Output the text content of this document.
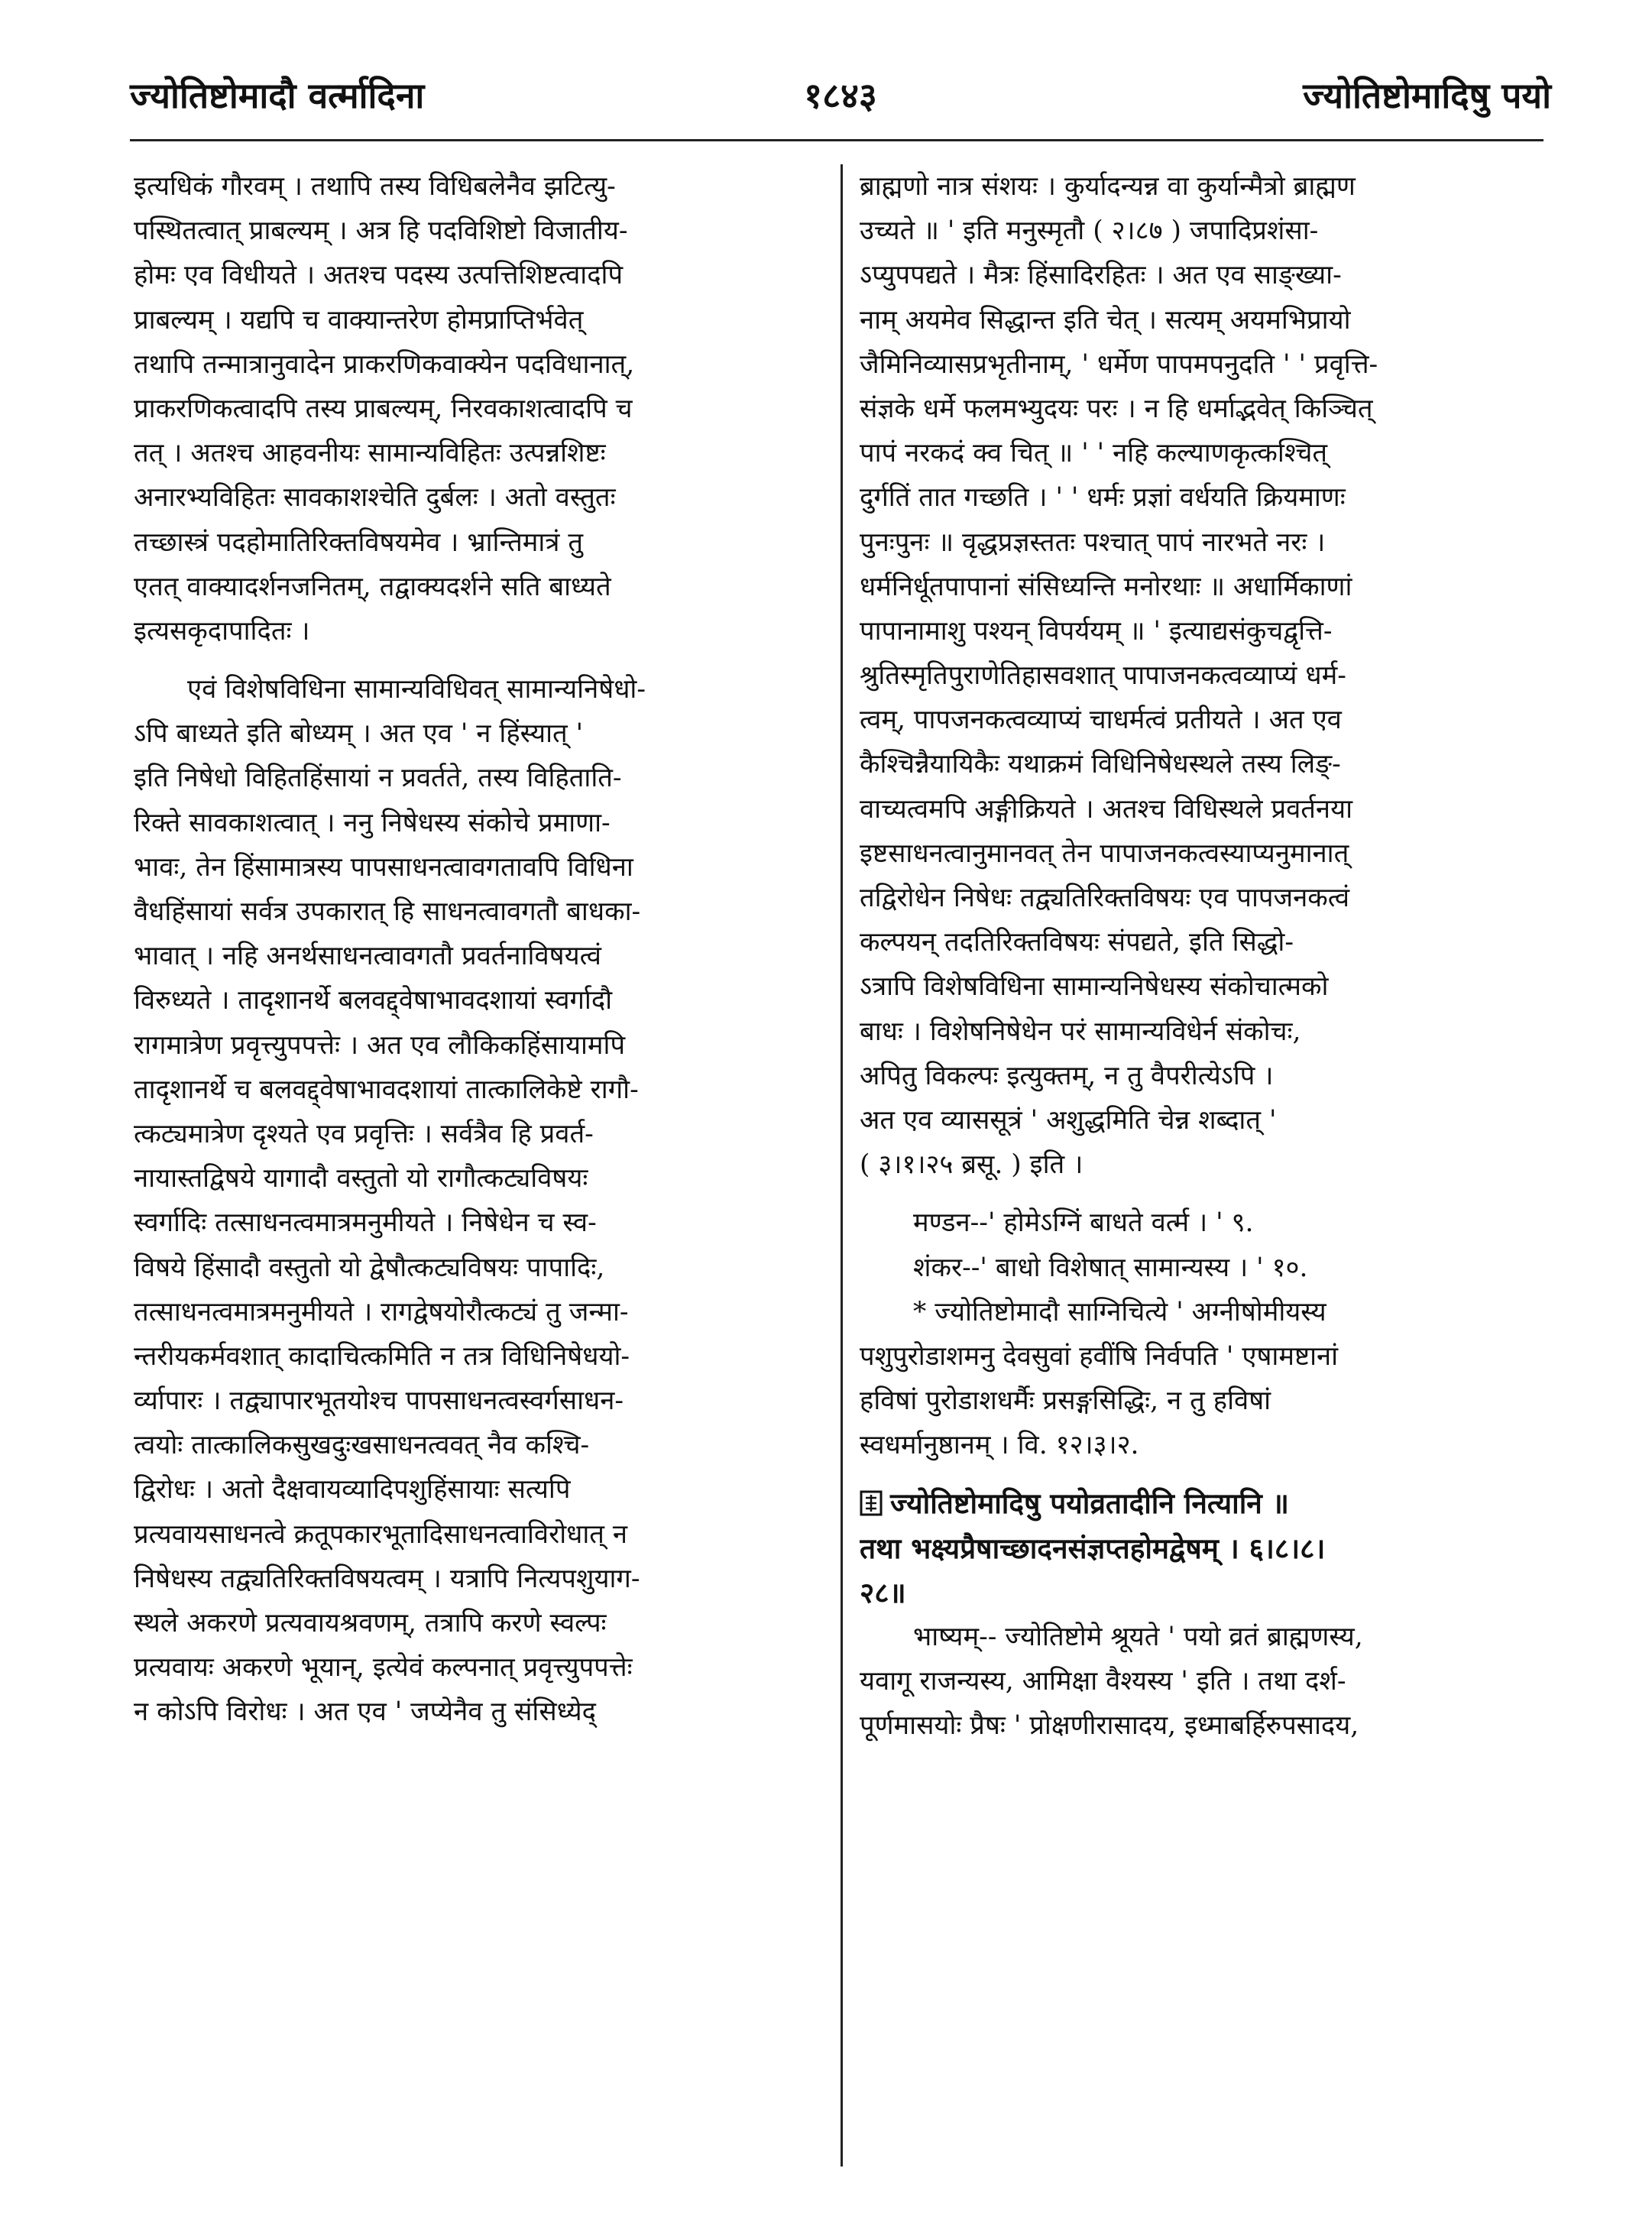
१८४३
ज्योतिष्टोमादौ वर्त्मादिना	ज्योतिष्टोमादिषु पयो
इत्यधिकं गौरवम् । तथापि तस्य विधिबलेनैव झटित्यु-
पस्थितत्वात् प्राबल्यम् । अत्र हि पदविशिष्टो विजातीय-
होमः एव विधीयते । अतश्च पदस्य उत्पत्तिशिष्टत्वादपि
प्राबल्यम् । यद्यपि च वाक्यान्तरेण होमप्राप्तिर्भवेत्
तथापि तन्मात्रानुवादेन प्राकरणिकवाक्येन पदविधानात्,
प्राकरणिकत्वादपि तस्य प्राबल्यम्, निरवकाशत्वादपि च
तत् । अतश्च आहवनीयः सामान्यविहितः उत्पन्नशिष्टः
अनारभ्यविहितः सावकाशश्चेति दुर्बलः । अतो वस्तुतः
तच्छास्त्रं पदहोमातिरिक्तविषयमेव । भ्रान्तिमात्रं तु
एतत् वाक्यादर्शनजनितम्, तद्वाक्यदर्शने सति बाध्यते
इत्यसकृदापादितः ।
एवं विशेषविधिना सामान्यविधिवत् सामान्यनिषेधो-
ऽपि बाध्यते इति बोध्यम् । अत एव ' न हिंस्यात् '
इति निषेधो विहितहिंसायां न प्रवर्तते, तस्य विहिताति-
रिक्ते सावकाशत्वात् । ननु निषेधस्य संकोचे प्रमाणा-
भावः, तेन हिंसामात्रस्य पापसाधनत्वावगतावपि विधिना
वैधहिंसायां सर्वत्र उपकारात् हि साधनत्वावगतौ बाधका-
भावात् । नहि अनर्थसाधनत्वावगतौ प्रवर्तनाविषयत्वं
विरुध्यते । तादृशानर्थे बलवद्द्वेषाभावदशायां स्वर्गादौ
रागमात्रेण प्रवृत्त्युपपत्तेः । अत एव लौकिकहिंसायामपि
तादृशानर्थे च बलवद्द्वेषाभावदशायां तात्कालिकेष्टे रागौ-
त्कट्यमात्रेण दृश्यते एव प्रवृत्तिः । सर्वत्रैव हि प्रवर्त-
नायास्तद्विषये यागादौ वस्तुतो यो रागौत्कट्यविषयः
स्वर्गादिः तत्साधनत्वमात्रमनुमीयते । निषेधेन च स्व-
विषये हिंसादौ वस्तुतो यो द्वेषौत्कट्यविषयः पापादिः,
तत्साधनत्वमात्रमनुमीयते । रागद्वेषयोरौत्कट्यं तु जन्मा-
न्तरीयकर्मवशात् कादाचित्कमिति न तत्र विधिनिषेधयो-
र्व्यापारः । तद्व्यापारभूतयोश्च पापसाधनत्वस्वर्गसाधन-
त्वयोः तात्कालिकसुखदुःखसाधनत्ववत् नैव कश्चि-
द्विरोधः । अतो दैक्षवायव्यादिपशुहिंसायाः सत्यपि
प्रत्यवायसाधनत्वे क्रतूपकारभूतादिसाधनत्वाविरोधात् न
निषेधस्य तद्व्यतिरिक्तविषयत्वम् । यत्रापि नित्यपशुयाग-
स्थले अकरणे प्रत्यवायश्रवणम्, तत्रापि करणे स्वल्पः
प्रत्यवायः अकरणे भूयान्, इत्येवं कल्पनात् प्रवृत्त्युपपत्तेः
न कोऽपि विरोधः । अत एव ' जप्येनैव तु संसिध्येद्
ब्राह्मणो नात्र संशयः । कुर्यादन्यन्न वा कुर्यान्मैत्रो ब्राह्मण
उच्यते ॥ ' इति मनुस्मृतौ ( २।८७ ) जपादिप्रशंसा-
ऽप्युपपद्यते । मैत्रः हिंसादिरहितः । अत एव साङ्ख्या-
नाम् अयमेव सिद्धान्त इति चेत् । सत्यम् अयमभिप्रायो
जैमिनिव्यासप्रभृतीनाम्, ' धर्मेण पापमपनुदति ' ' प्रवृत्ति-
संज्ञके धर्मे फलमभ्युदयः परः । न हि धर्माद्भवेत् किञ्चित्
पापं नरकदं क्व चित् ॥ ' ' नहि कल्याणकृत्कश्चित्
दुर्गतिं तात गच्छति । ' ' धर्मः प्रज्ञां वर्धयति क्रियमाणः
पुनःपुनः ॥ वृद्धप्रज्ञस्ततः पश्चात् पापं नारभते नरः ।
धर्मनिर्धूतपापानां संसिध्यन्ति मनोरथाः ॥ अधार्मिकाणां
पापानामाशु पश्यन् विपर्ययम् ॥ ' इत्याद्यसंकुचद्वृत्ति-
श्रुतिस्मृतिपुराणेतिहासवशात् पापाजनकत्वव्याप्यं धर्म-
त्वम्, पापजनकत्वव्याप्यं चाधर्मत्वं प्रतीयते । अत एव
कैश्चिन्नैयायिकैः यथाक्रमं विधिनिषेधस्थले तस्य लिङ्-
वाच्यत्वमपि अङ्गीक्रियते । अतश्च विधिस्थले प्रवर्तनया
इष्टसाधनत्वानुमानवत् तेन पापाजनकत्वस्याप्यनुमानात्
तद्विरोधेन निषेधः तद्व्यतिरिक्तविषयः एव पापजनकत्वं
कल्पयन् तदतिरिक्तविषयः संपद्यते, इति सिद्धो-
ऽत्रापि विशेषविधिना सामान्यनिषेधस्य संकोचात्मको
बाधः । विशेषनिषेधेन परं सामान्यविधेर्न संकोचः,
अपितु विकल्पः इत्युक्तम्, न तु वैपरीत्येऽपि ।
अत एव व्याससूत्रं ' अशुद्धमिति चेन्न शब्दात् '
( ३।१।२५ ब्रसू. ) इति ।
मण्डन--' होमेऽग्निं बाधते वर्त्म । ' ९.
शंकर--' बाधो विशेषात् सामान्यस्य । ' १०.
* ज्योतिष्टोमादौ साग्निचित्ये ' अग्नीषोमीयस्य
पशुपुरोडाशमनु देवसुवां हवींषि निर्वपति ' एषामष्टानां
हविषां पुरोडाशधर्मैः प्रसङ्गसिद्धिः, न तु हविषां
स्वधर्मानुष्ठानम् । वि. १२।३।२.
ज्योतिष्टोमादिषु पयोव्रतादीनि नित्यानि ॥
तथा भक्ष्यप्रैषाच्छादनसंज्ञप्तहोमद्वेषम् । ६।८।८।
२८॥
भाष्यम्-- ज्योतिष्टोमे श्रूयते ' पयो व्रतं ब्राह्मणस्य,
यवागू राजन्यस्य, आमिक्षा वैश्यस्य ' इति । तथा दर्श-
पूर्णमासयोः प्रैषः ' प्रोक्षणीरासादय, इध्माबर्हिरुपसादय,
